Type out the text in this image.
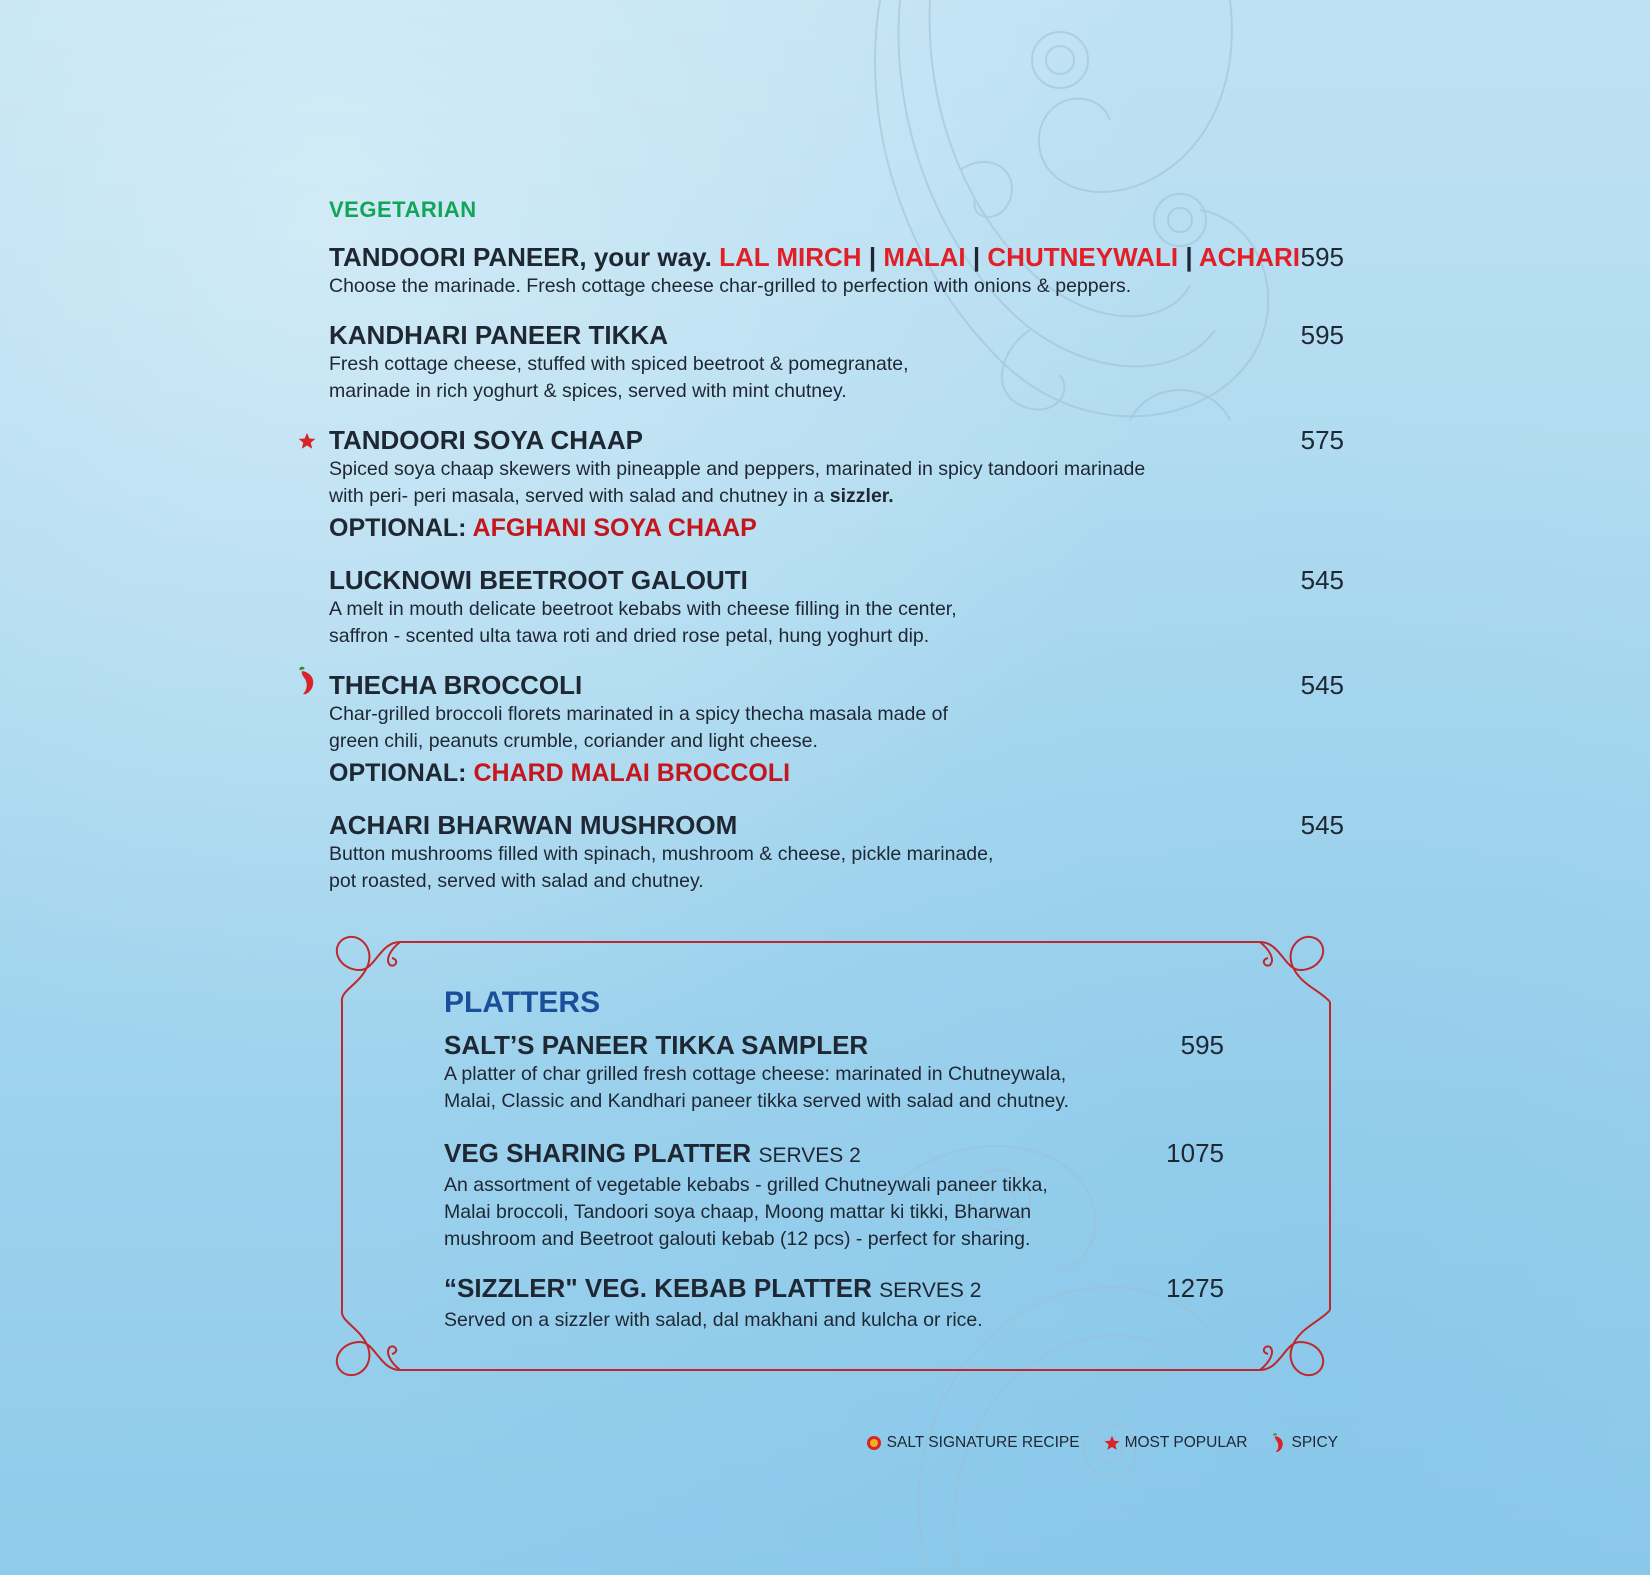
VEGETARIAN
TANDOORI PANEER, your way. LAL MIRCH | MALAI | CHUTNEYWALI | ACHARI 595
Choose the marinade. Fresh cottage cheese char-grilled to perfection with onions & peppers.
KANDHARI PANEER TIKKA	595
Fresh cottage cheese, stuffed with spiced beetroot & pomegranate,
marinade in rich yoghurt & spices, served with mint chutney.
TANDOORI SOYA CHAAP	575
Spiced soya chaap skewers with pineapple and peppers, marinated in spicy tandoori marinade
with peri- peri masala, served with salad and chutney in a sizzler.
OPTIONAL: AFGHANI SOYA CHAAP
LUCKNOWI BEETROOT GALOUTI	545
A melt in mouth delicate beetroot kebabs with cheese filling in the center,
saffron - scented ulta tawa roti and dried rose petal, hung yoghurt dip.
THECHA BROCCOLI	545
Char-grilled broccoli florets marinated in a spicy thecha masala made of
green chili, peanuts crumble, coriander and light cheese.
OPTIONAL: CHARD MALAI BROCCOLI
ACHARI BHARWAN MUSHROOM	545
Button mushrooms filled with spinach, mushroom & cheese, pickle marinade,
pot roasted, served with salad and chutney.
PLATTERS
SALT’S PANEER TIKKA SAMPLER	595
A platter of char grilled fresh cottage cheese: marinated in Chutneywala,
Malai, Classic and Kandhari paneer tikka served with salad and chutney.
VEG SHARING PLATTER SERVES 2	1075
An assortment of vegetable kebabs - grilled Chutneywali paneer tikka,
Malai broccoli, Tandoori soya chaap, Moong mattar ki tikki, Bharwan
mushroom and Beetroot galouti kebab (12 pcs) - perfect for sharing.
“SIZZLER" VEG. KEBAB PLATTER SERVES 2	1275
Served on a sizzler with salad, dal makhani and kulcha or rice.
SALT SIGNATURE RECIPE	MOST POPULAR	SPICY
